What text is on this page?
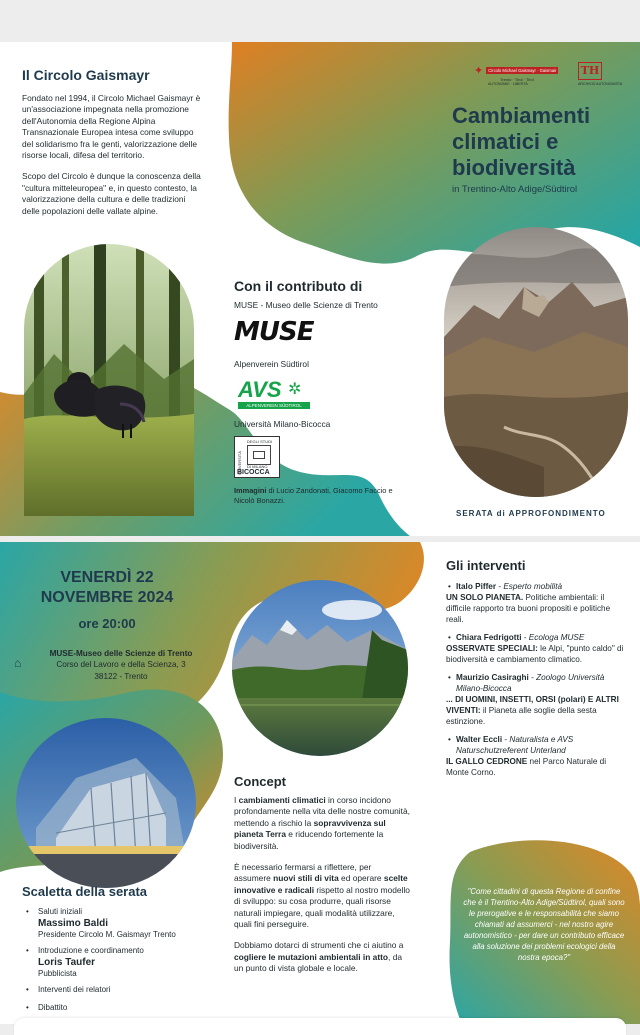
Il Circolo Gaismayr

Fondato nel 1994, il Circolo Michael Gaismayr è un'associazione impegnata nella promozione dell'Autonomia della Regione Alpina Transnazionale Europea intesa come sviluppo del solidarismo fra le genti, valorizzazione delle risorse locali, difesa del territorio.

Scopo del Circolo è dunque la conoscenza della "cultura mitteleuropea" e, in questo contesto, la valorizzazione della cultura e delle tradizioni delle popolazioni delle vallate alpine.

Con il contributo di
MUSE - Museo delle Scienze di Trento
MUSE
Alpenverein Südtirol
AVS ✲
ALPENVEREIN SÜDTIROL
Università Milano-Bicocca
UNIVERSITÀ
DEGLI STUDI
DI MILANO
BICOCCA
Immagini di Lucio Zandonati, Giacomo Faccio e Nicolò Bonazzi.
✦	Circolo Michael Gaismayr · Gaismair
Trento · Tirol · Tirol
AUTONOMIE · LIBERTÀ
TH
ARCHIVIO AUTONOMISTA
Cambiamenti
climatici e
biodiversità
in Trentino-Alto Adige/Südtirol
SERATA di APPROFONDIMENTO
VENERDÌ 22
NOVEMBRE 2024
ore 20:00
⌂
MUSE-Museo delle Scienze di Trento
Corso del Lavoro e della Scienza, 3
38122 - Trento
Scaletta della serata
• Saluti iniziali
Massimo Baldi
Presidente Circolo M. Gaismayr Trento
• Introduzione e coordinamento
Loris Taufer
Pubblicista
• Interventi dei relatori
• Dibattito
Concept

I cambiamenti climatici in corso incidono profondamente nella vita delle nostre comunità, mettendo a rischio la sopravvivenza sul pianeta Terra e riducendo fortemente la biodiversità.

È necessario fermarsi a riflettere, per assumere nuovi stili di vita ed operare scelte innovative e radicali rispetto al nostro modello di sviluppo: su cosa produrre, quali risorse naturali impiegare, quali modalità utilizzare, quali fini perseguire.

Dobbiamo dotarci di strumenti che ci aiutino a cogliere le mutazioni ambientali in atto, da un punto di vista globale e locale.

Gli interventi
• Italo Piffer - Esperto mobilità
UN SOLO PIANETA. Politiche ambientali: il difficile rapporto tra buoni propositi e politiche reali.
• Chiara Fedrigotti - Ecologa MUSE
OSSERVATE SPECIALI: le Alpi, "punto caldo" di biodiversità e cambiamento climatico.
• Maurizio Casiraghi - Zoologo Università Milano-Bicocca
... DI UOMINI, INSETTI, ORSI (polari) E ALTRI VIVENTI: il Pianeta alle soglie della sesta estinzione.
• Walter Eccli - Naturalista e AVS Naturschutzreferent Unterland
IL GALLO CEDRONE nel Parco Naturale di Monte Corno.
"Come cittadini di questa Regione di confine che è il Trentino-Alto Adige/Südtirol, quali sono le prerogative e le responsabilità che siamo chiamati ad assumerci - nel nostro agire autonomistico - per dare un contributo efficace alla soluzione dei problemi ecologici della nostra epoca?"
